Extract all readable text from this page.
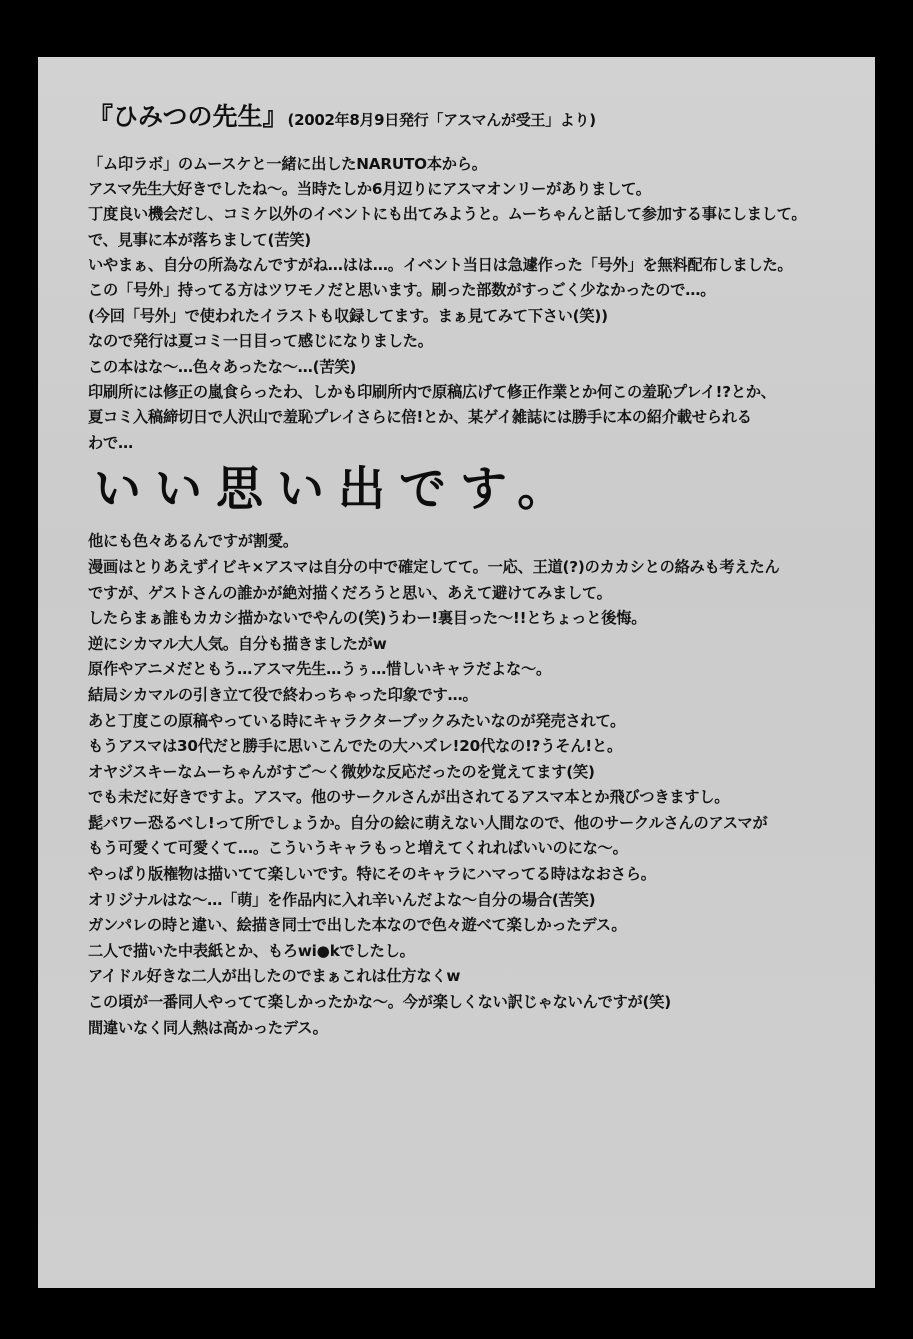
『ひみつの先生』(2002年8月9日発行「アスマんが受王」より)

「ム印ラボ」のムースケと一緒に出したNARUTO本から。

アスマ先生大好きでしたね〜。当時たしか6月辺りにアスマオンリーがありまして。

丁度良い機会だし、コミケ以外のイベントにも出てみようと。ムーちゃんと話して参加する事にしまして。

で、見事に本が落ちまして(苦笑)

いやまぁ、自分の所為なんですがね…はは…。イベント当日は急遽作った「号外」を無料配布しました。

この「号外」持ってる方はツワモノだと思います。刷った部数がすっごく少なかったので…。

(今回「号外」で使われたイラストも収録してます。まぁ見てみて下さい(笑))

なので発行は夏コミ一日目って感じになりました。

この本はな〜…色々あったな〜…(苦笑)

印刷所には修正の嵐食らったわ、しかも印刷所内で原稿広げて修正作業とか何この羞恥プレイ!?とか、

夏コミ入稿締切日で人沢山で羞恥プレイさらに倍!とか、某ゲイ雑誌には勝手に本の紹介載せられる

わで…

いい思い出です。

他にも色々あるんですが割愛。

漫画はとりあえずイビキ×アスマは自分の中で確定してて。一応、王道(?)のカカシとの絡みも考えたん

ですが、ゲストさんの誰かが絶対描くだろうと思い、あえて避けてみまして。

したらまぁ誰もカカシ描かないでやんの(笑)うわー!裏目った〜!!とちょっと後悔。

逆にシカマル大人気。自分も描きましたがw

原作やアニメだともう…アスマ先生…うぅ…惜しいキャラだよな〜。

結局シカマルの引き立て役で終わっちゃった印象です…。

あと丁度この原稿やっている時にキャラクターブックみたいなのが発売されて。

もうアスマは30代だと勝手に思いこんでたの大ハズレ!20代なの!?うそん!と。

オヤジスキーなムーちゃんがすご〜く微妙な反応だったのを覚えてます(笑)

でも未だに好きですよ。アスマ。他のサークルさんが出されてるアスマ本とか飛びつきますし。

髭パワー恐るべし!って所でしょうか。自分の絵に萌えない人間なので、他のサークルさんのアスマが

もう可愛くて可愛くて…。こういうキャラもっと増えてくれればいいのにな〜。

やっぱり版権物は描いてて楽しいです。特にそのキャラにハマってる時はなおさら。

オリジナルはな〜…「萌」を作品内に入れ辛いんだよな〜自分の場合(苦笑)

ガンパレの時と違い、絵描き同士で出した本なので色々遊べて楽しかったデス。

二人で描いた中表紙とか、もろwi●kでしたし。

アイドル好きな二人が出したのでまぁこれは仕方なくw

この頃が一番同人やってて楽しかったかな〜。今が楽しくない訳じゃないんですが(笑)

間違いなく同人熱は高かったデス。
